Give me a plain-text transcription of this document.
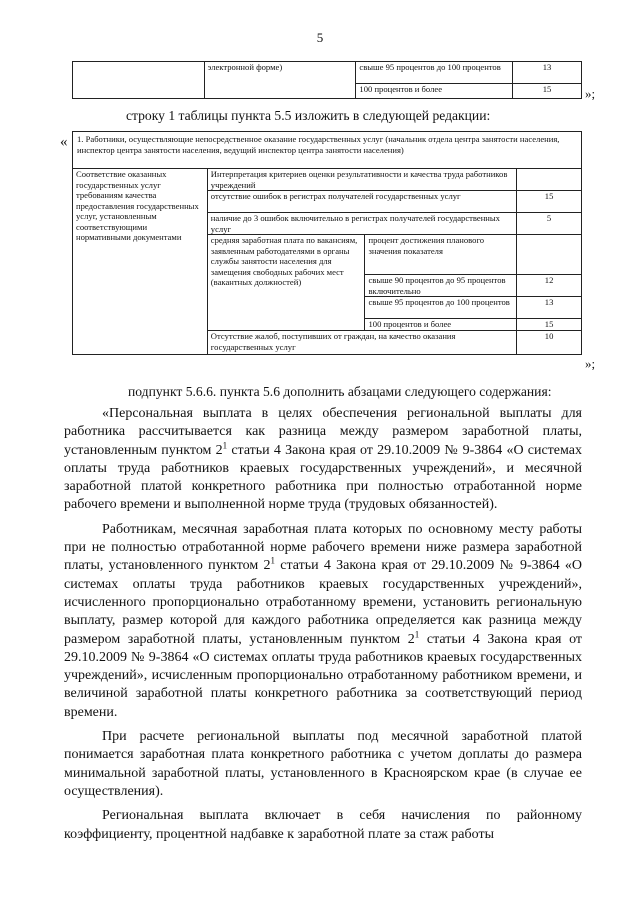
5
	электронной форме)	свыше 95 процентов до 100 процентов	13
		100 процентов и более	15	»;
строку 1 таблицы пункта 5.5 изложить в следующей редакции:
« 1. Работники, осуществляющие непосредственное оказание государственных услуг (начальник отдела центра занятости населения, инспектор центра занятости населения, ведущий инспектор центра занятости населения)			
Соответствие оказанных государственных услуг требованиям качества предоставления государственных услуг, установленным соответствующими нормативными документами	Интерпретация критериев оценки результативности и качества труда работников учреждений		
	отсутствие ошибок в регистрах получателей государственных услуг		15
	наличие до 3 ошибок включительно в регистрах получателей государственных услуг		5
	средняя заработная плата по вакансиям, заявленным работодателями в органы службы занятости населения для замещения свободных рабочих мест (вакантных должностей)	процент достижения планового значения показателя	
		свыше 90 процентов до 95 процентов включительно	12
		свыше 95 процентов до 100 процентов	13
		100 процентов и более	15
	Отсутствие жалоб, поступивших от граждан, на качество оказания государственных услуг		10
»;
подпункт 5.6.6. пункта 5.6 дополнить абзацами следующего содержания:

«Персональная выплата в целях обеспечения региональной выплаты для работника рассчитывается как разница между размером заработной платы, установленным пунктом $2^1$ статьи 4 Закона края от 29.10.2009 № 9-3864 «О системах оплаты труда работников краевых государственных учреждений», и месячной заработной платой конкретного работника при полностью отработанной норме рабочего времени и выполненной норме труда (трудовых обязанностей).

Работникам, месячная заработная плата которых по основному месту работы при не полностью отработанной норме рабочего времени ниже размера заработной платы, установленного пунктом $2^1$ статьи 4 Закона края от 29.10.2009 № 9-3864 «О системах оплаты труда работников краевых государственных учреждений», исчисленного пропорционально отработанному времени, установить региональную выплату, размер которой для каждого работника определяется как разница между размером заработной платы, установленным пунктом $2^1$ статьи 4 Закона края от 29.10.2009 № 9-3864 «О системах оплаты труда работников краевых государственных учреждений», исчисленным пропорционально отработанному работником времени, и величиной заработной платы конкретного работника за соответствующий период времени.

При расчете региональной выплаты под месячной заработной платой понимается заработная плата конкретного работника с учетом доплаты до размера минимальной заработной платы, установленного в Красноярском крае (в случае ее осуществления).

Региональная выплата включает в себя начисления по районному коэффициенту, процентной надбавке к заработной плате за стаж работы
